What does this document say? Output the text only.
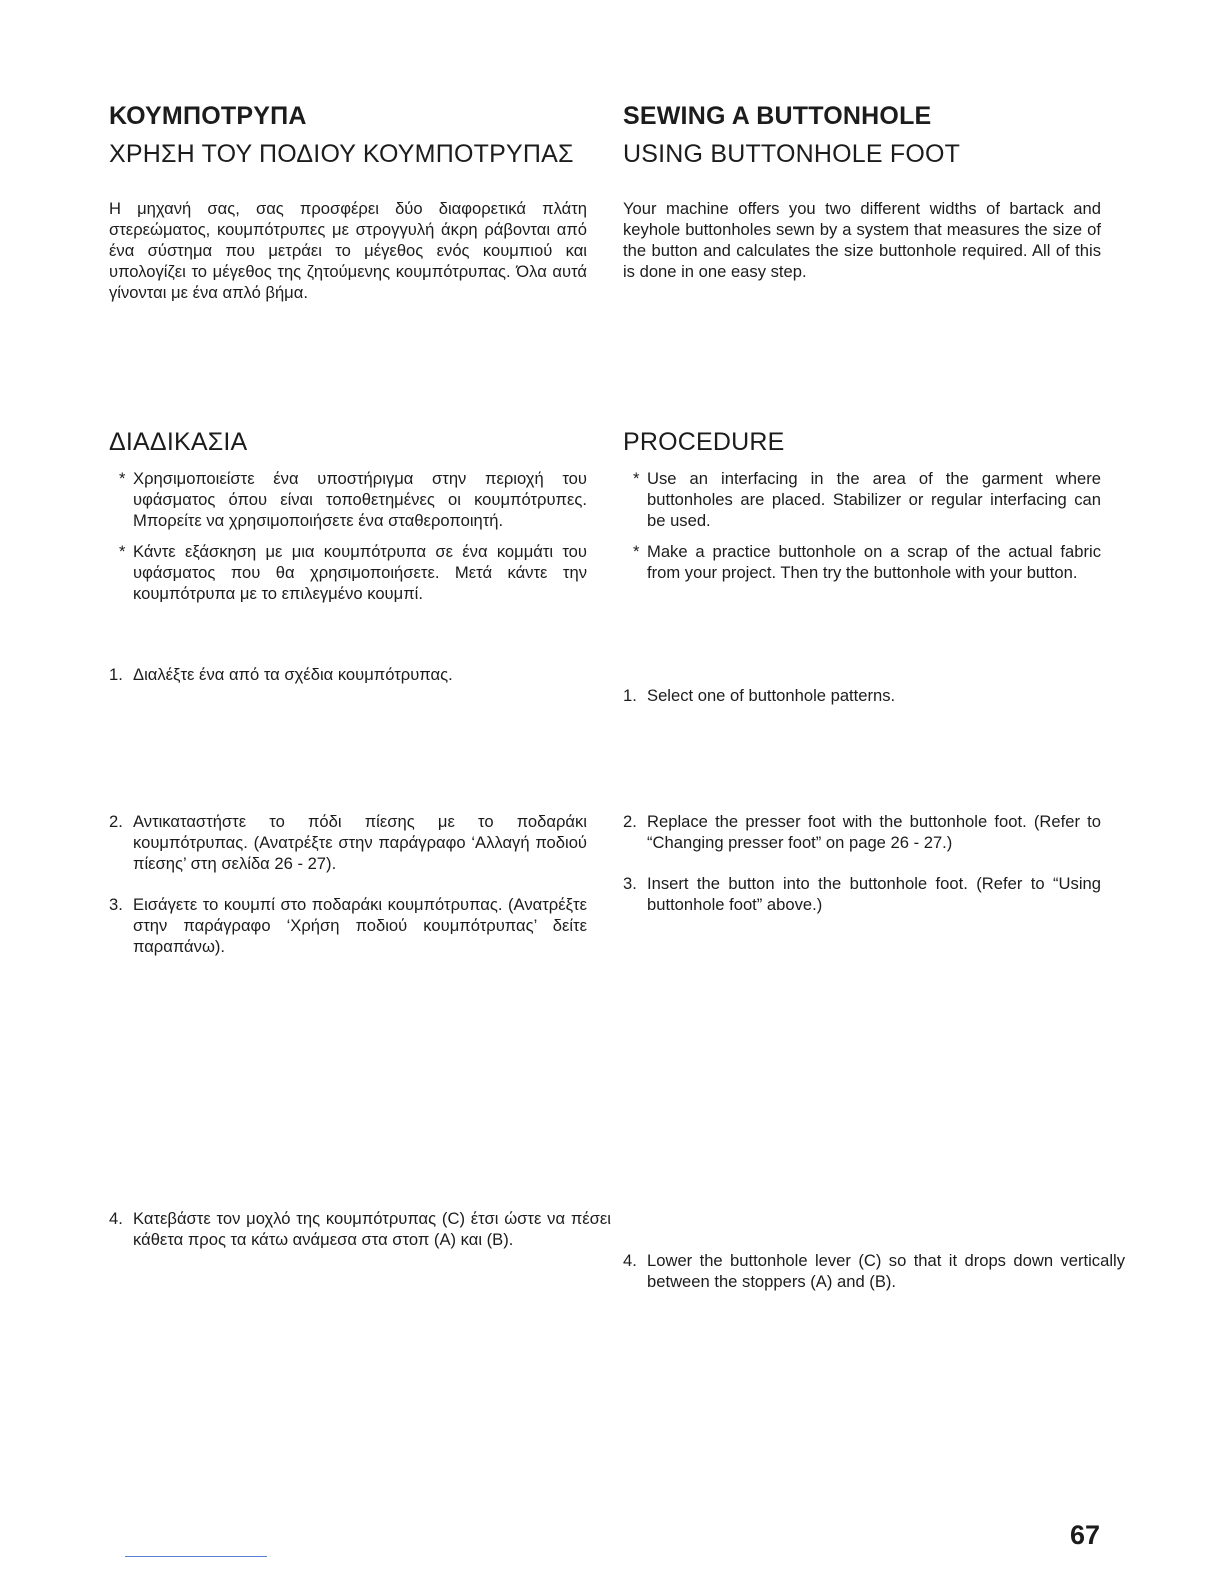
ΚΟΥΜΠΟΤΡΥΠΑ
ΧΡΗΣΗ ΤΟΥ ΠΟΔΙΟΥ ΚΟΥΜΠΟΤΡΥΠΑΣ
SEWING A BUTTONHOLE
USING BUTTONHOLE FOOT

Η μηχανή σας, σας προσφέρει δύο διαφορετικά πλάτη στερεώματος, κουμπότρυπες με στρογγυλή άκρη ράβονται από ένα σύστημα που μετράει το μέγεθος ενός κουμπιού και υπολογίζει το μέγεθος της ζητούμενης κουμπότρυπας. Όλα αυτά γίνονται με ένα απλό βήμα.

Your machine offers you two different widths of bartack and keyhole buttonholes sewn by a system that measures the size of the button and calculates the size buttonhole required. All of this is done in one easy step.

ΔΙΑΔΙΚΑΣΙΑ	PROCEDURE
* Χρησιμοποιείστε ένα υποστήριγμα στην περιοχή του υφάσματος όπου είναι τοποθετημένες οι κουμπότρυπες. Μπορείτε να χρησιμοποιήσετε ένα σταθεροποιητή.
* Κάντε εξάσκηση με μια κουμπότρυπα σε ένα κομμάτι του υφάσματος που θα χρησιμοποιήσετε. Μετά κάντε την κουμπότρυπα με το επιλεγμένο κουμπί.
* Use an interfacing in the area of the garment where buttonholes are placed. Stabilizer or regular interfacing can be used.
* Make a practice buttonhole on a scrap of the actual fabric from your project. Then try the buttonhole with your button.
1. Διαλέξτε ένα από τα σχέδια κουμπότρυπας.
1. Select one of buttonhole patterns.
2. Αντικαταστήστε το πόδι πίεσης με το ποδαράκι κουμπότρυπας. (Ανατρέξτε στην παράγραφο ‘Αλλαγή ποδιού πίεσης’ στη σελίδα 26 - 27).
3. Εισάγετε το κουμπί στο ποδαράκι κουμπότρυπας. (Ανατρέξτε στην παράγραφο ‘Χρήση ποδιού κουμπότρυπας’ δείτε παραπάνω).
2. Replace the presser foot with the buttonhole foot. (Refer to “Changing presser foot” on page 26 - 27.)
3. Insert the button into the buttonhole foot. (Refer to “Using buttonhole foot” above.)
4. Κατεβάστε τον μοχλό της κουμπότρυπας (C) έτσι ώστε να πέσει κάθετα προς τα κάτω ανάμεσα στα στοπ (A) και (B).
4. Lower the buttonhole lever (C) so that it drops down vertically between the stoppers (A) and (B).
67
